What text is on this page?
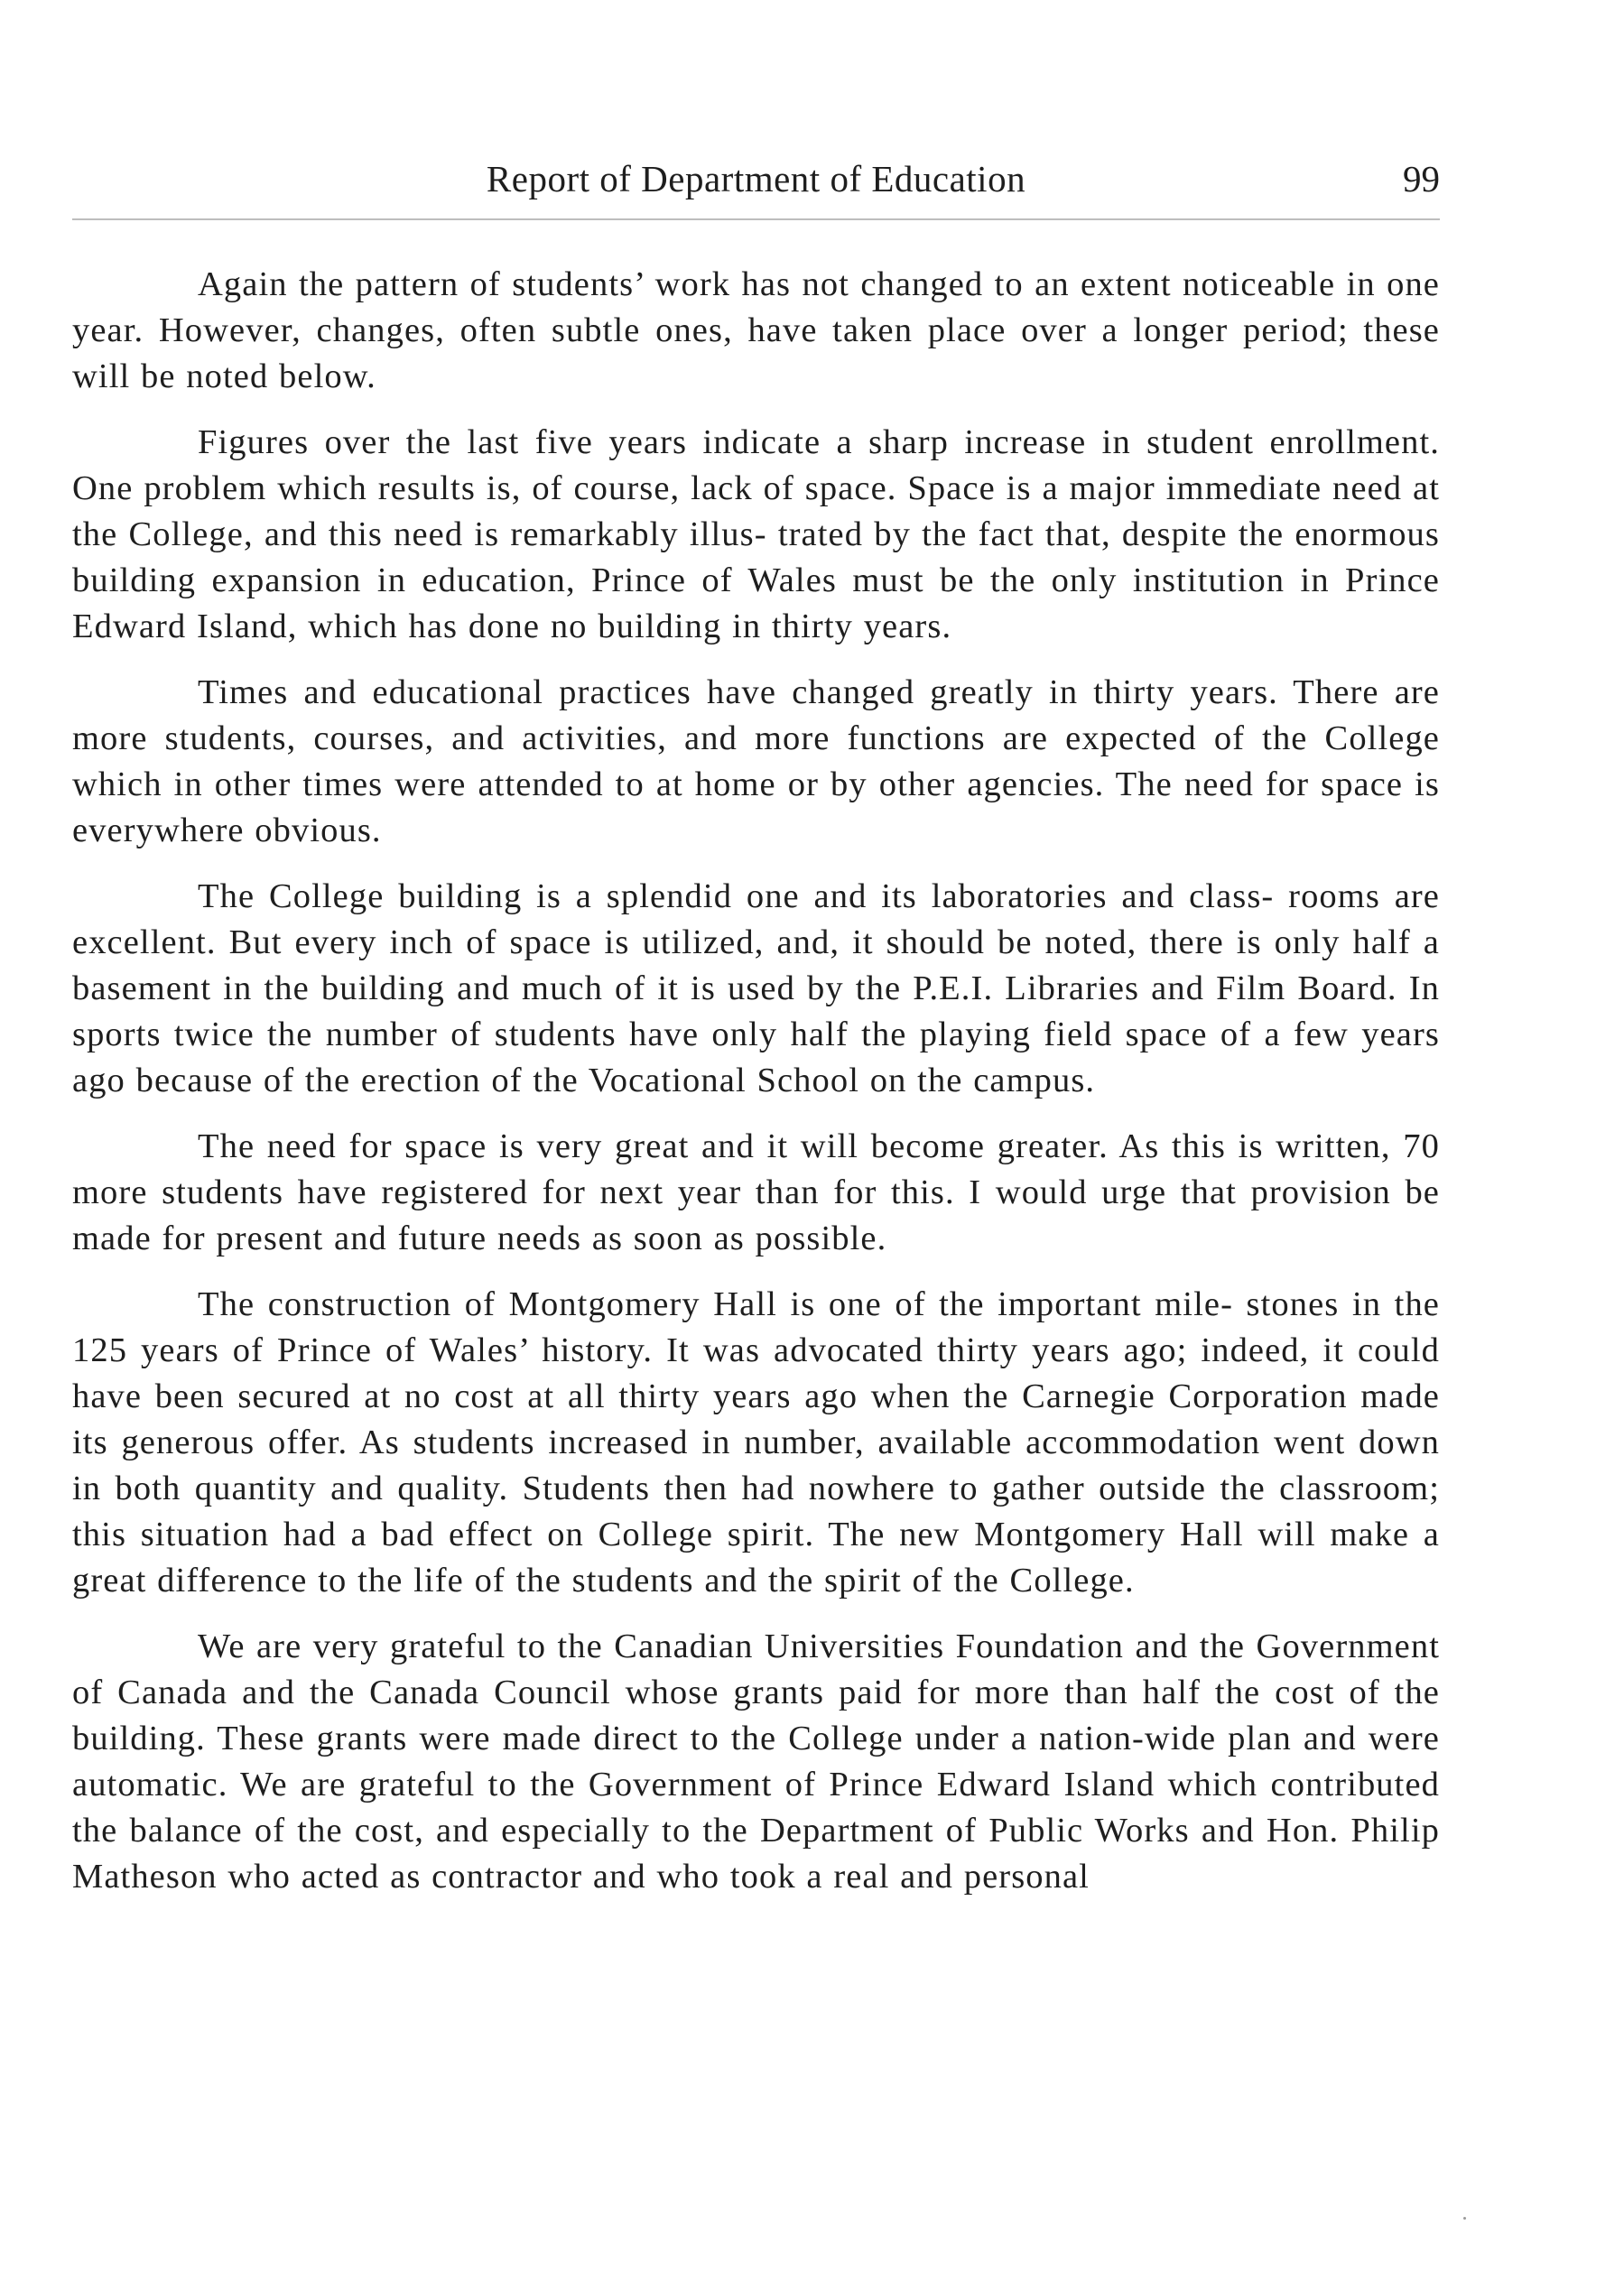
Report of Department of Education	99

Again the pattern of students’ work has not changed to an extent noticeable in one year. However, changes, often subtle ones, have taken place over a longer period; these will be noted below.

Figures over the last five years indicate a sharp increase in student enrollment. One problem which results is, of course, lack of space. Space is a major immediate need at the College, and this need is remarkably illus- trated by the fact that, despite the enormous building expansion in education, Prince of Wales must be the only institution in Prince Edward Island, which has done no building in thirty years.

Times and educational practices have changed greatly in thirty years. There are more students, courses, and activities, and more functions are expected of the College which in other times were attended to at home or by other agencies. The need for space is everywhere obvious.

The College building is a splendid one and its laboratories and class- rooms are excellent. But every inch of space is utilized, and, it should be noted, there is only half a basement in the building and much of it is used by the P.E.I. Libraries and Film Board. In sports twice the number of students have only half the playing field space of a few years ago because of the erection of the Vocational School on the campus.

The need for space is very great and it will become greater. As this is written, 70 more students have registered for next year than for this. I would urge that provision be made for present and future needs as soon as possible.

The construction of Montgomery Hall is one of the important mile- stones in the 125 years of Prince of Wales’ history. It was advocated thirty years ago; indeed, it could have been secured at no cost at all thirty years ago when the Carnegie Corporation made its generous offer. As students increased in number, available accommodation went down in both quantity and quality. Students then had nowhere to gather outside the classroom; this situation had a bad effect on College spirit. The new Montgomery Hall will make a great difference to the life of the students and the spirit of the College.

We are very grateful to the Canadian Universities Foundation and the Government of Canada and the Canada Council whose grants paid for more than half the cost of the building. These grants were made direct to the College under a nation-wide plan and were automatic. We are grateful to the Government of Prince Edward Island which contributed the balance of the cost, and especially to the Department of Public Works and Hon. Philip Matheson who acted as contractor and who took a real and personal
